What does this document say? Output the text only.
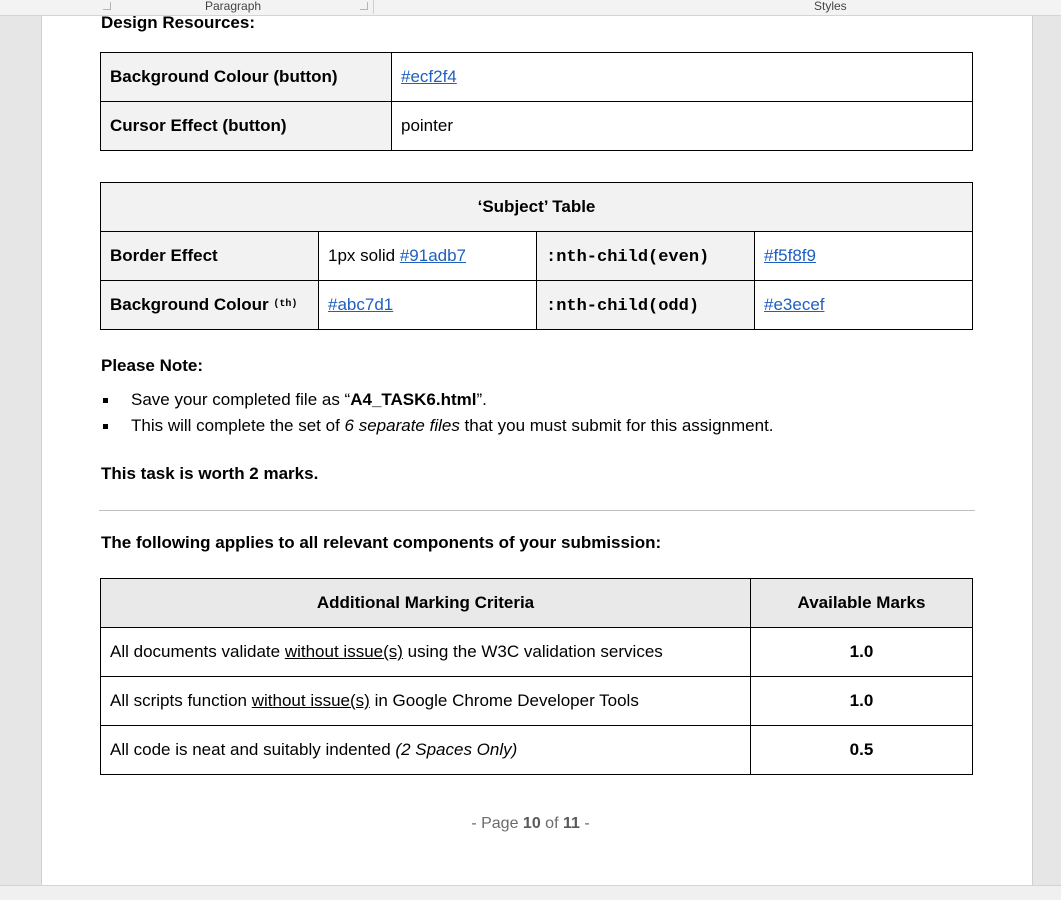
Paragraph	Styles
Design Resources:
Background Colour (button)	#ecf2f4
Cursor Effect (button)	pointer
‘Subject’ Table			
Border Effect	1px solid #91adb7	:nth-child(even)	#f5f8f9
Background Colour $^{(th)}$	#abc7d1	:nth-child(odd)	#e3ecef
Please Note:
Save your completed file as “A4_TASK6.html”.
This will complete the set of 6 separate files that you must submit for this assignment.
This task is worth 2 marks.
The following applies to all relevant components of your submission:
Additional Marking Criteria	Available Marks
All documents validate without issue(s) using the W3C validation services	1.0
All scripts function without issue(s) in Google Chrome Developer Tools	1.0
All code is neat and suitably indented (2 Spaces Only)	0.5
- Page 10 of 11 -
